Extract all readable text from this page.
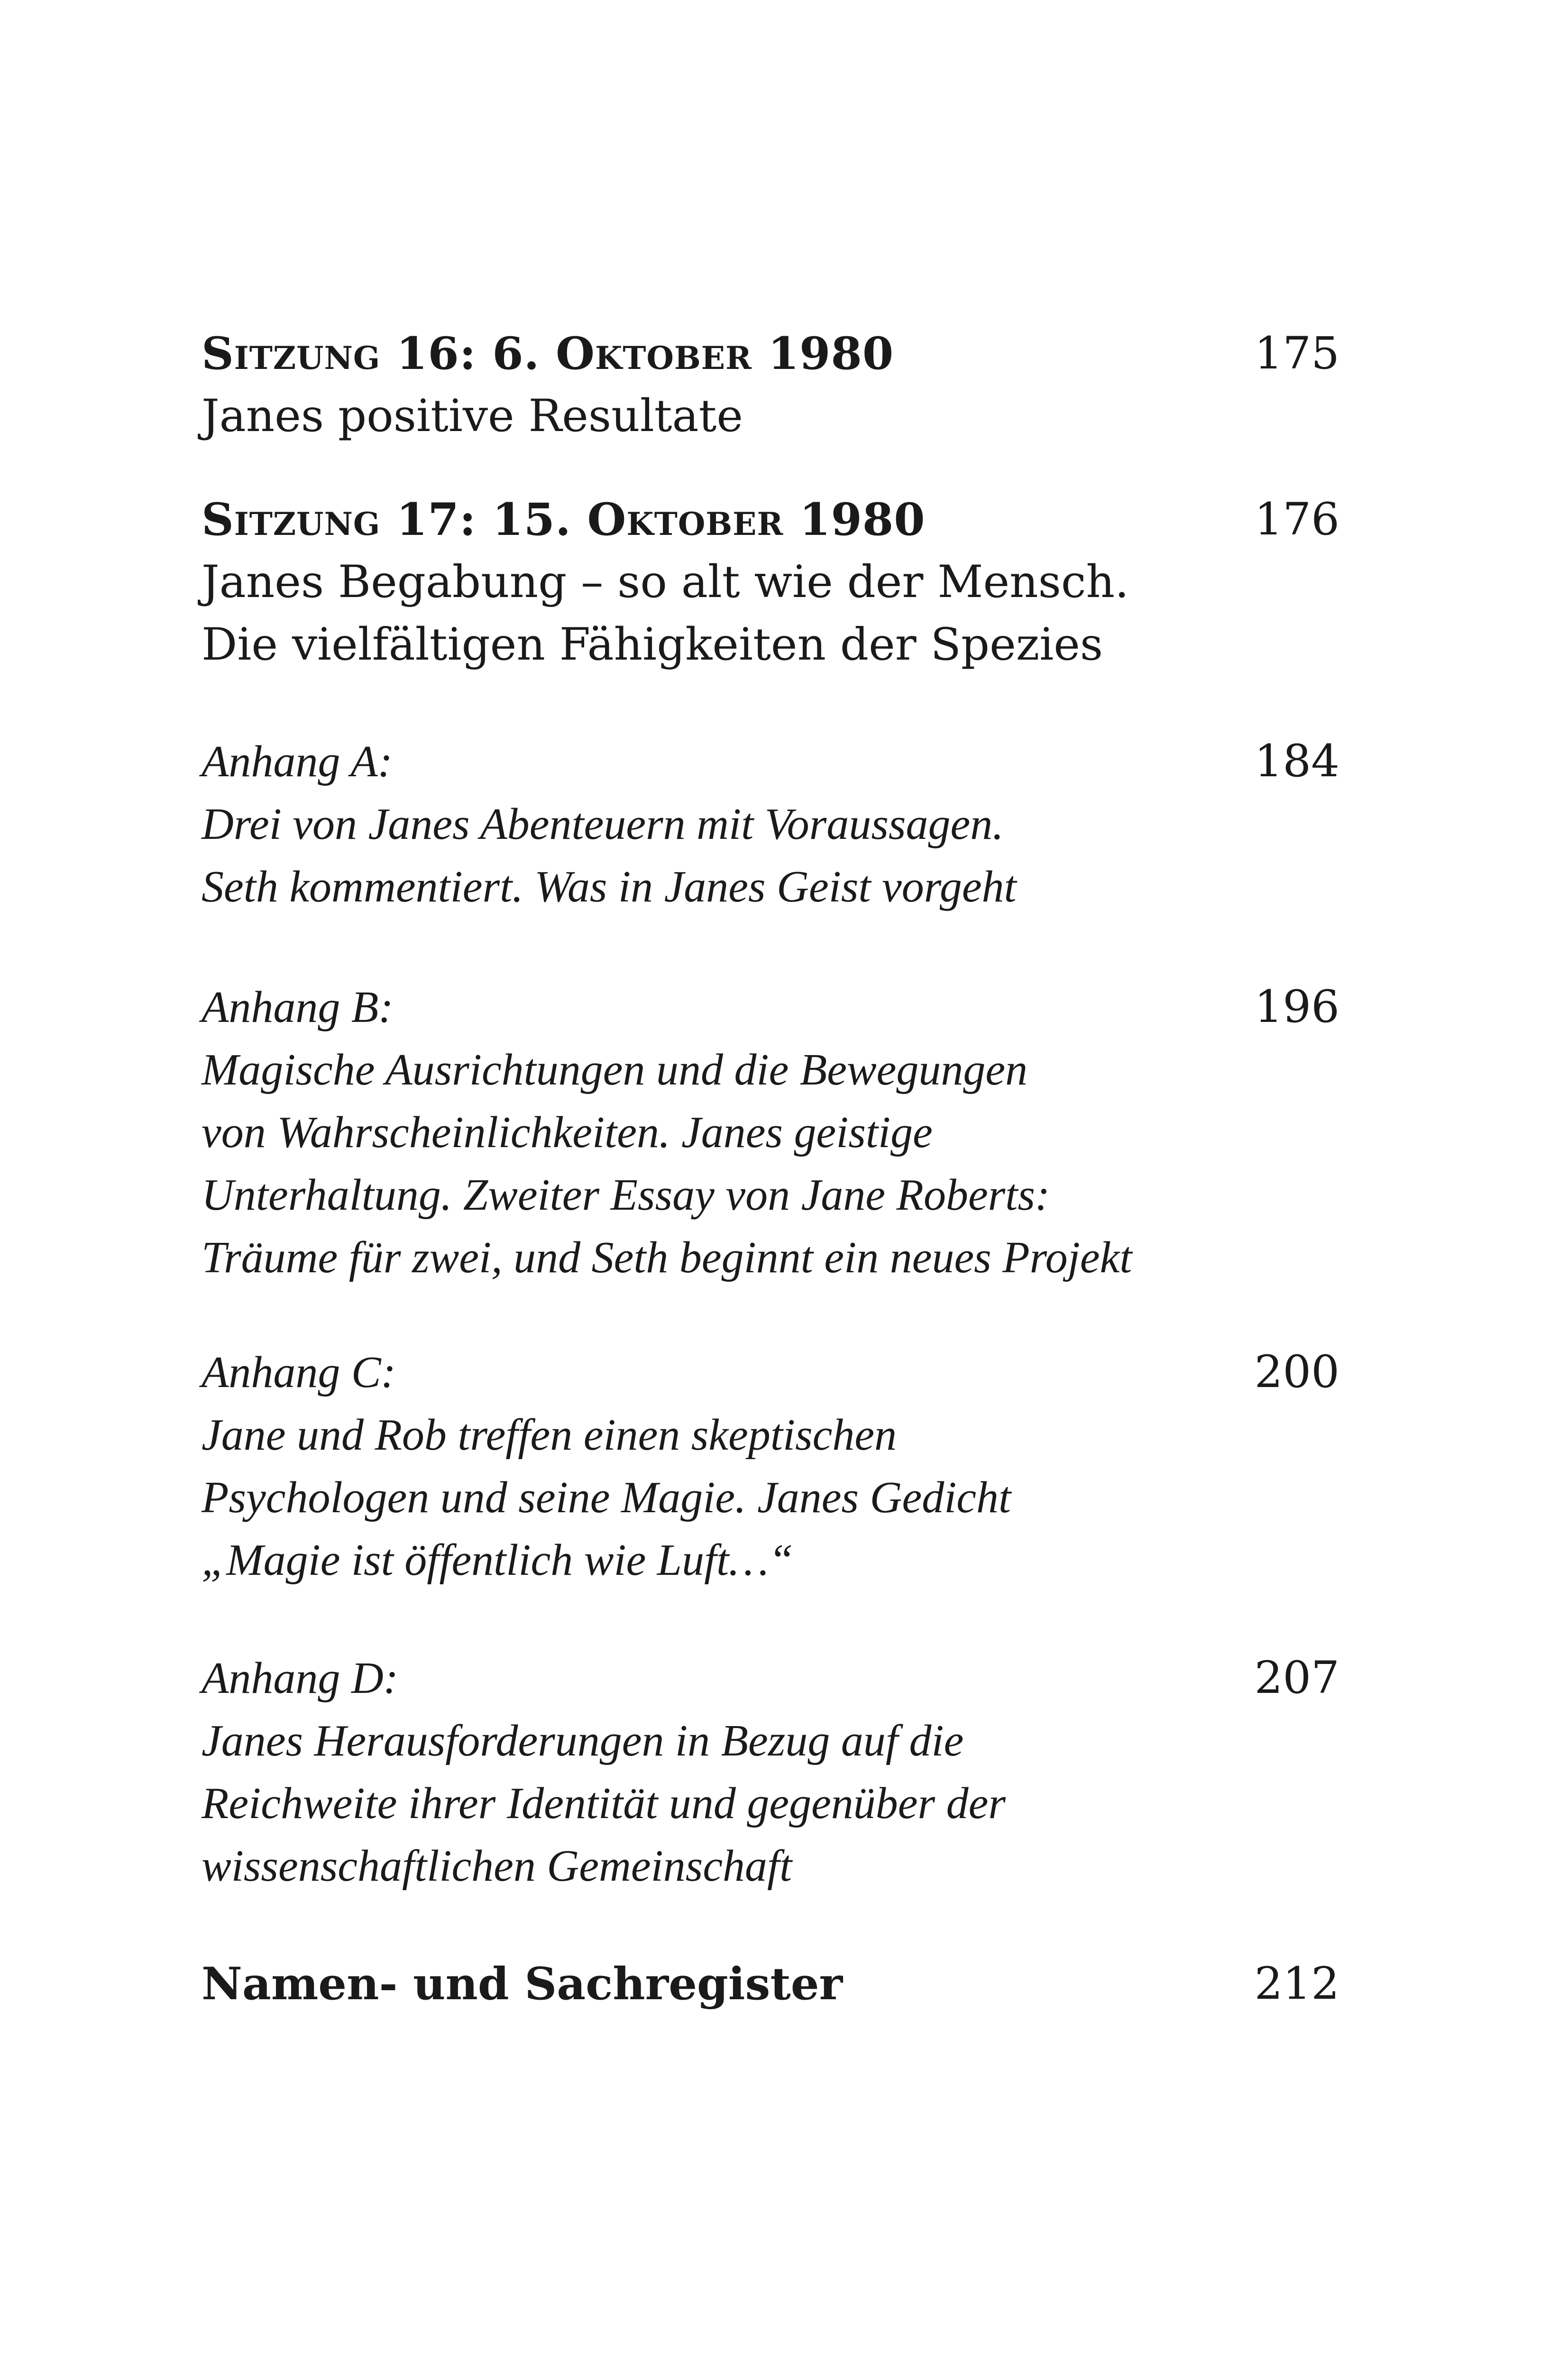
Sitzung 16: 6. Oktober 1980	175
Janes positive Resultate
Sitzung 17: 15. Oktober 1980	176
Janes Begabung – so alt wie der Mensch.
Die vielfältigen Fähigkeiten der Spezies
Anhang A:	184
Drei von Janes Abenteuern mit Voraussagen.
Seth kommentiert. Was in Janes Geist vorgeht
Anhang B:	196
Magische Ausrichtungen und die Bewegungen
von Wahrscheinlichkeiten. Janes geistige
Unterhaltung. Zweiter Essay von Jane Roberts:
Träume für zwei, und Seth beginnt ein neues Projekt
Anhang C:	200
Jane und Rob treffen einen skeptischen
Psychologen und seine Magie. Janes Gedicht
„Magie ist öffentlich wie Luft…“
Anhang D:	207
Janes Herausforderungen in Bezug auf die
Reichweite ihrer Identität und gegenüber der
wissenschaftlichen Gemeinschaft
Namen- und Sachregister	212
